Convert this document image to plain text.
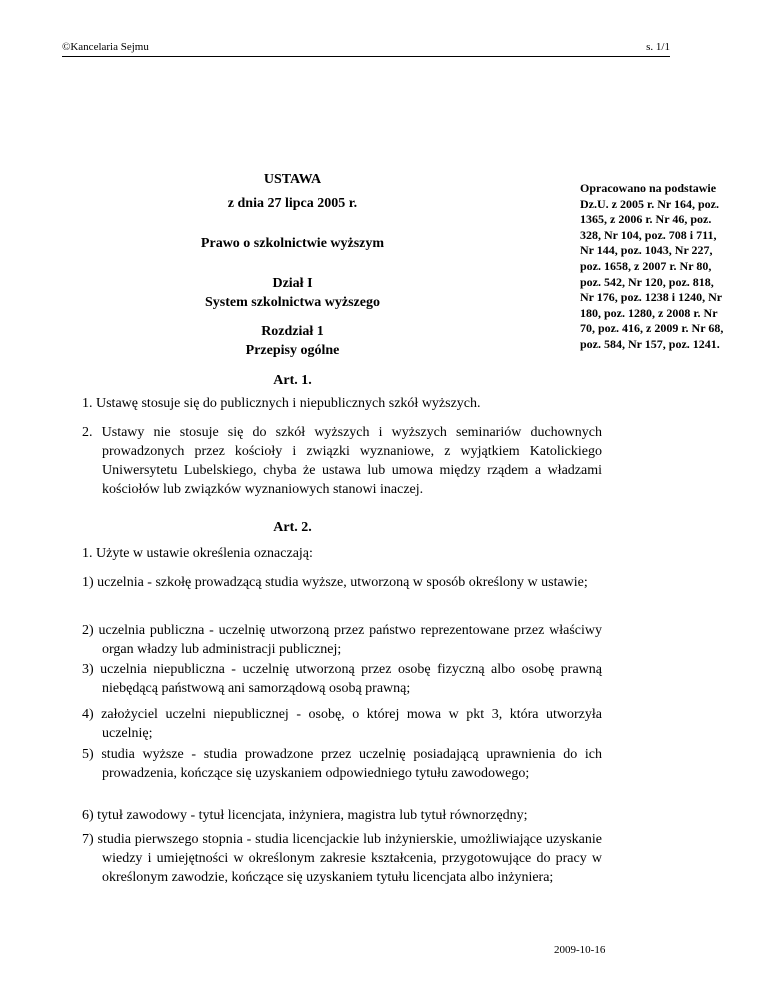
©Kancelaria Sejmu	s. 1/1
USTAWA
z dnia 27 lipca 2005 r.
Prawo o szkolnictwie wyższym
Dział I
System szkolnictwa wyższego
Rozdział 1
Przepisy ogólne
Opracowano na podstawie Dz.U. z 2005 r. Nr 164, poz. 1365, z 2006 r. Nr 46, poz. 328, Nr 104, poz. 708 i 711, Nr 144, poz. 1043, Nr 227, poz. 1658, z 2007 r. Nr 80, poz. 542, Nr 120, poz. 818, Nr 176, poz. 1238 i 1240, Nr 180, poz. 1280, z 2008 r. Nr 70, poz. 416, z 2009 r. Nr 68, poz. 584, Nr 157, poz. 1241.
Art. 1.
1. Ustawę stosuje się do publicznych i niepublicznych szkół wyższych.
2. Ustawy nie stosuje się do szkół wyższych i wyższych seminariów duchownych prowadzonych przez kościoły i związki wyznaniowe, z wyjątkiem Katolickiego Uniwersytetu Lubelskiego, chyba że ustawa lub umowa między rządem a władzami kościołów lub związków wyznaniowych stanowi inaczej.
Art. 2.
1. Użyte w ustawie określenia oznaczają:
1) uczelnia - szkołę prowadzącą studia wyższe, utworzoną w sposób określony w ustawie;
2) uczelnia publiczna - uczelnię utworzoną przez państwo reprezentowane przez właściwy organ władzy lub administracji publicznej;
3) uczelnia niepubliczna - uczelnię utworzoną przez osobę fizyczną albo osobę prawną niebędącą państwową ani samorządową osobą prawną;
4) założyciel uczelni niepublicznej - osobę, o której mowa w pkt 3, która utworzyła uczelnię;
5) studia wyższe - studia prowadzone przez uczelnię posiadającą uprawnienia do ich prowadzenia, kończące się uzyskaniem odpowiedniego tytułu zawodowego;
6) tytuł zawodowy - tytuł licencjata, inżyniera, magistra lub tytuł równorzędny;
7) studia pierwszego stopnia - studia licencjackie lub inżynierskie, umożliwiające uzyskanie wiedzy i umiejętności w określonym zakresie kształcenia, przygotowujące do pracy w określonym zawodzie, kończące się uzyskaniem tytułu licencjata albo inżyniera;
2009-10-16
